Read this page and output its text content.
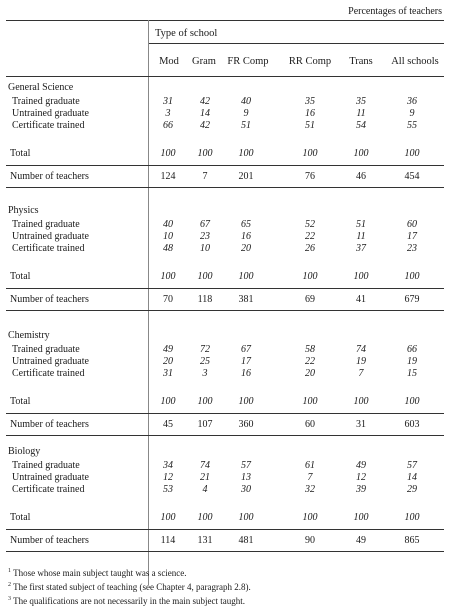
Percentages of teachers
Type of school
Mod	Gram	FR Comp	RR Comp	Trans	All schools
General Science
Trained graduate	31	42	40	35	35	36
Untrained graduate	3	14	9	16	11	9
Certificate trained	66	42	51	51	54	55
Total	100	100	100	100	100	100
Number of teachers	124	7	201	76	46	454
Physics
Trained graduate	40	67	65	52	51	60
Untrained graduate	10	23	16	22	11	17
Certificate trained	48	10	20	26	37	23
Total	100	100	100	100	100	100
Number of teachers	70	118	381	69	41	679
Chemistry
Trained graduate	49	72	67	58	74	66
Untrained graduate	20	25	17	22	19	19
Certificate trained	31	3	16	20	7	15
Total	100	100	100	100	100	100
Number of teachers	45	107	360	60	31	603
Biology
Trained graduate	34	74	57	61	49	57
Untrained graduate	12	21	13	7	12	14
Certificate trained	53	4	30	32	39	29
Total	100	100	100	100	100	100
Number of teachers	114	131	481	90	49	865
$^1$ Those whose main subject taught was a science.
$^2$ The first stated subject of teaching (see Chapter 4, paragraph 2.8).
$^3$ The qualifications are not necessarily in the main subject taught.
